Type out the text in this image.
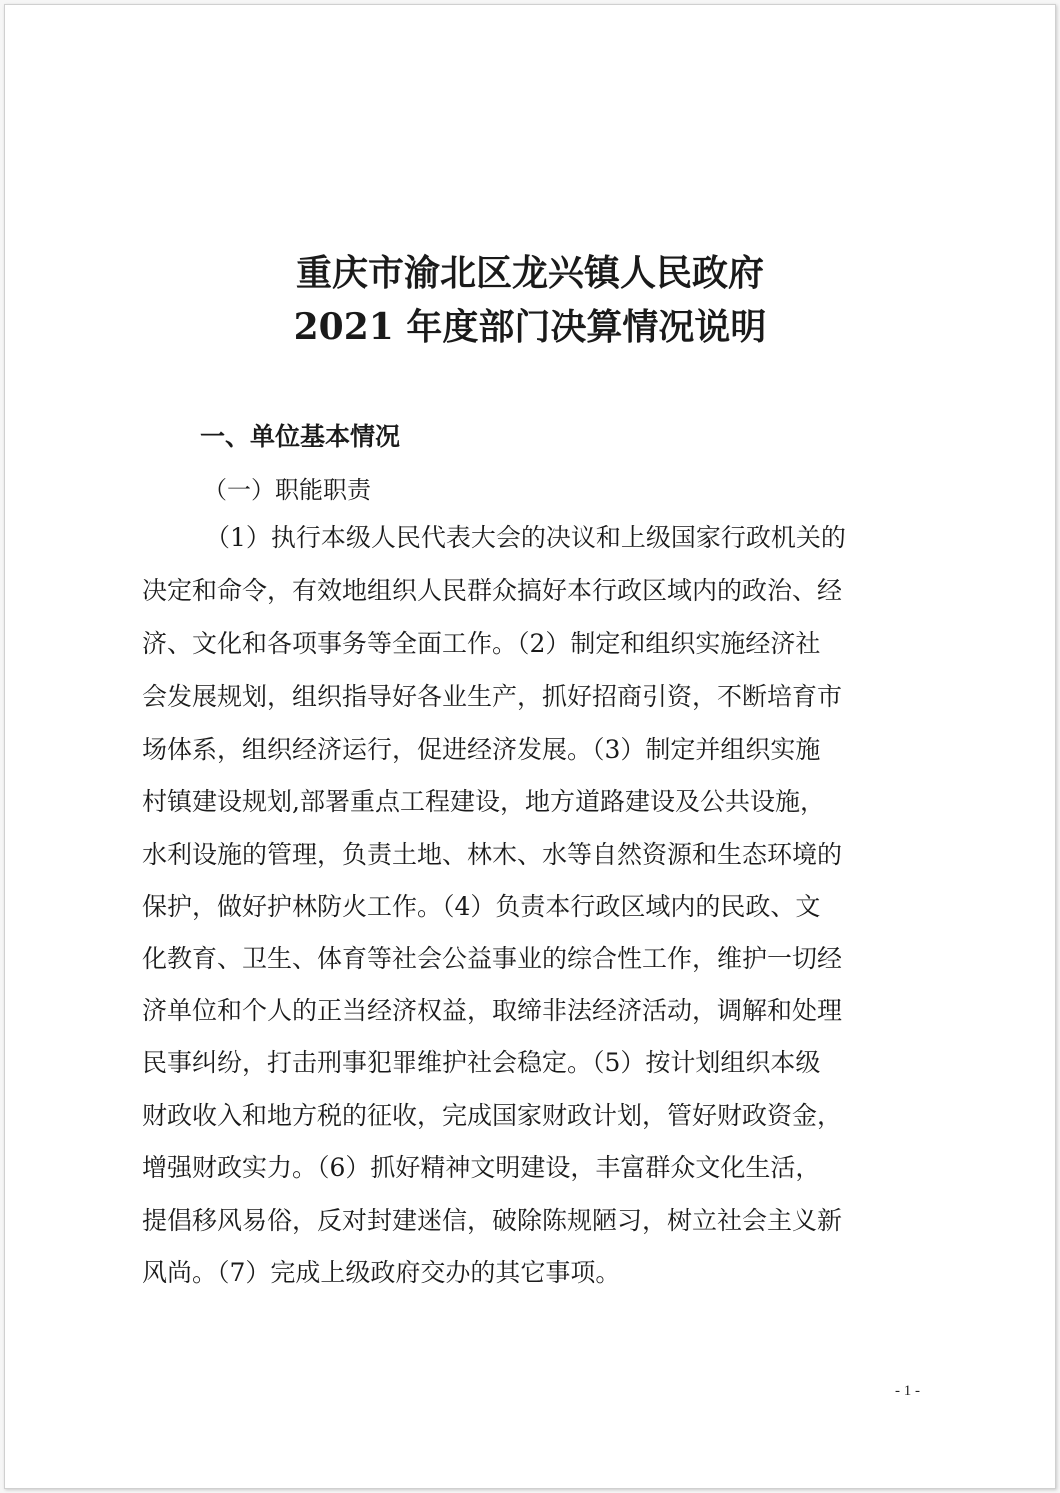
重庆市渝北区龙兴镇人民政府
2021 年度部门决算情况说明
一、单位基本情况
（一）职能职责
（1）执行本级人民代表大会的决议和上级国家行政机关的
决定和命令，有效地组织人民群众搞好本行政区域内的政治、经
济、文化和各项事务等全面工作。（2）制定和组织实施经济社
会发展规划，组织指导好各业生产，抓好招商引资，不断培育市
场体系，组织经济运行，促进经济发展。（3）制定并组织实施
村镇建设规划,部署重点工程建设，地方道路建设及公共设施，
水利设施的管理，负责土地、林木、水等自然资源和生态环境的
保护，做好护林防火工作。（4）负责本行政区域内的民政、文
化教育、卫生、体育等社会公益事业的综合性工作，维护一切经
济单位和个人的正当经济权益，取缔非法经济活动，调解和处理
民事纠纷，打击刑事犯罪维护社会稳定。（5）按计划组织本级
财政收入和地方税的征收，完成国家财政计划，管好财政资金，
增强财政实力。（6）抓好精神文明建设，丰富群众文化生活，
提倡移风易俗，反对封建迷信，破除陈规陋习，树立社会主义新
风尚。（7）完成上级政府交办的其它事项。
- 1 -
